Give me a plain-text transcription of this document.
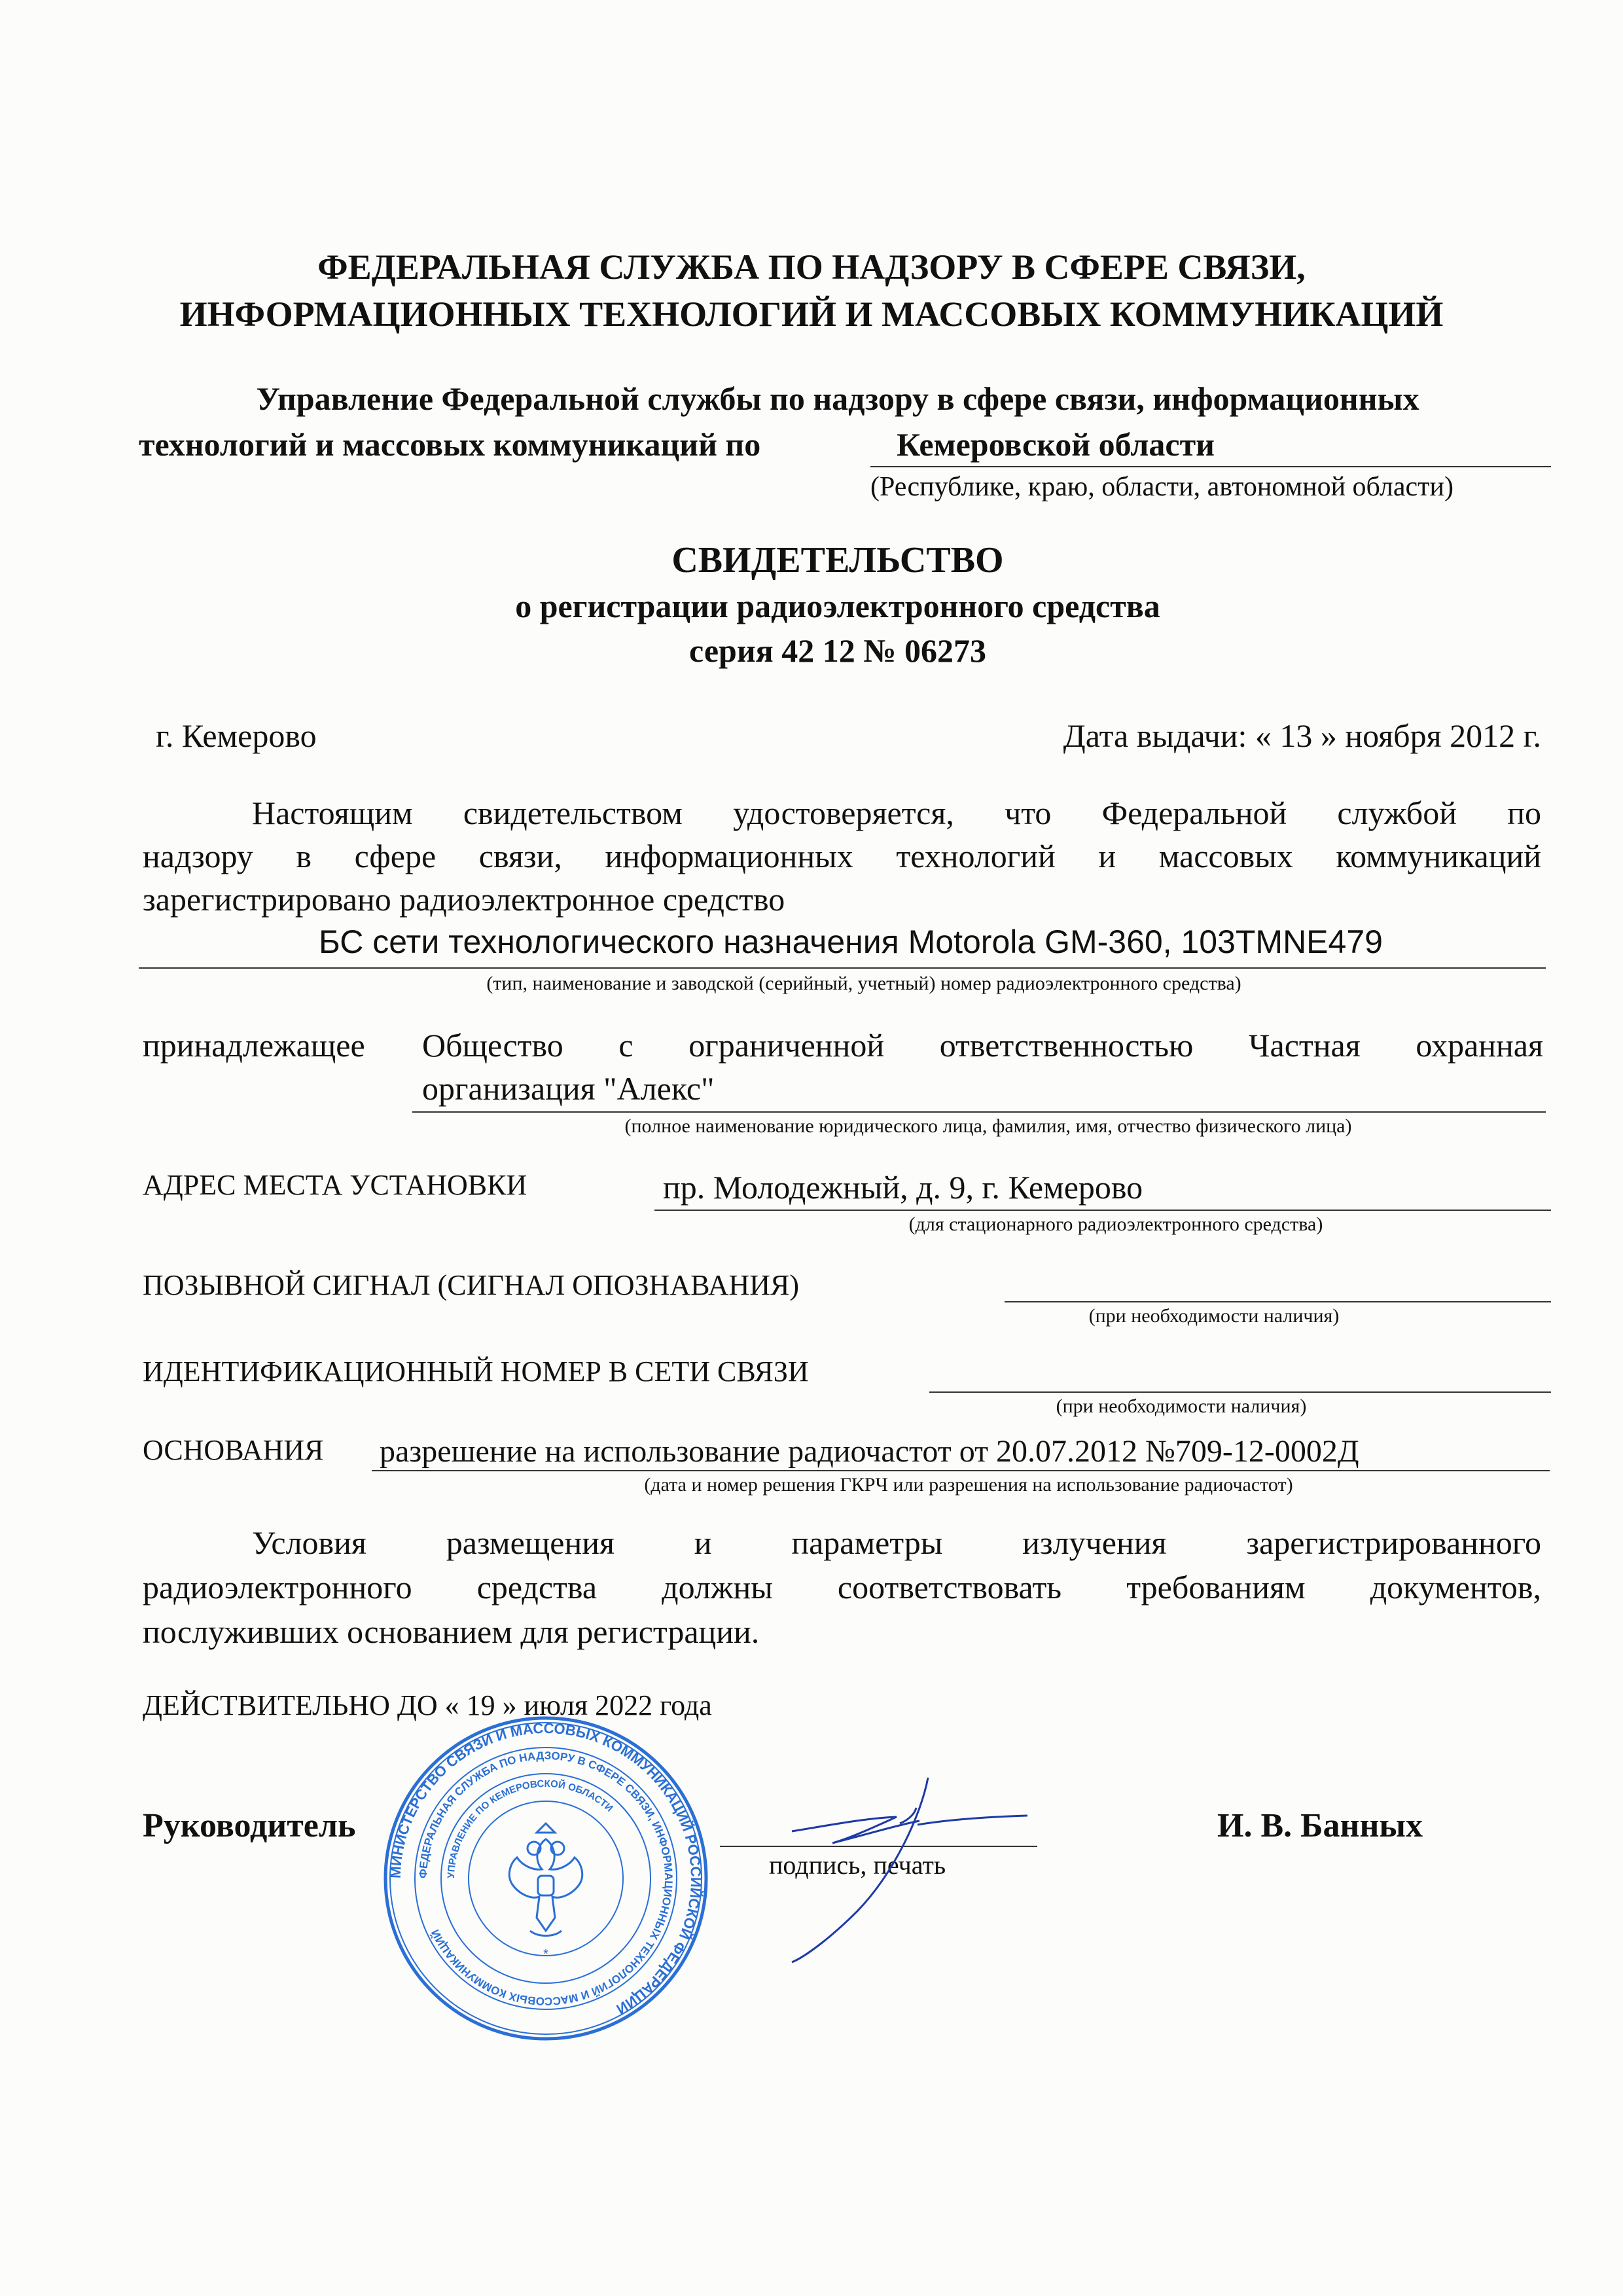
ФЕДЕРАЛЬНАЯ СЛУЖБА ПО НАДЗОРУ В СФЕРЕ СВЯЗИ,
ИНФОРМАЦИОННЫХ ТЕХНОЛОГИЙ И МАССОВЫХ КОММУНИКАЦИЙ
Управление Федеральной службы по надзору в сфере связи, информационных
технологий и массовых коммуникаций по	Кемеровской области
(Республике, краю, области, автономной области)
СВИДЕТЕЛЬСТВО
о регистрации радиоэлектронного средства
серия 42 12 № 06273
г. Кемерово	Дата выдачи: « 13 » ноября 2012 г.
Настоящим свидетельством удостоверяется, что Федеральной службой по
надзору в сфере связи, информационных технологий и массовых коммуникаций
зарегистрировано радиоэлектронное средство
БС сети технологического назначения Motorola GM-360, 103TMNE479
(тип, наименование и заводской (серийный, учетный) номер радиоэлектронного средства)
принадлежащее Общество с ограниченной ответственностью Частная охранная
организация "Алекс"
(полное наименование юридического лица, фамилия, имя, отчество физического лица)
АДРЕС МЕСТА УСТАНОВКИ	пр. Молодежный, д. 9, г. Кемерово
(для стационарного радиоэлектронного средства)
ПОЗЫВНОЙ СИГНАЛ (СИГНАЛ ОПОЗНАВАНИЯ)
(при необходимости наличия)
ИДЕНТИФИКАЦИОННЫЙ НОМЕР В СЕТИ СВЯЗИ
(при необходимости наличия)
ОСНОВАНИЯ разрешение на использование радиочастот от 20.07.2012 №709-12-0002Д
(дата и номер решения ГКРЧ или разрешения на использование радиочастот)
Условия размещения и параметры излучения зарегистрированного
радиоэлектронного средства должны соответствовать требованиям документов,
послуживших основанием для регистрации.
ДЕЙСТВИТЕЛЬНО ДО « 19 » июля 2022 года
Руководитель
подпись, печать
И. В. Банных
МИНИСТЕРСТВО СВЯЗИ И МАССОВЫХ КОММУНИКАЦИЙ РОССИЙСКОЙ ФЕДЕРАЦИИ
ФЕДЕРАЛЬНАЯ СЛУЖБА ПО НАДЗОРУ В СФЕРЕ СВЯЗИ, ИНФОРМАЦИОННЫХ ТЕХНОЛОГИЙ И МАССОВЫХ КОММУНИКАЦИЙ
УПРАВЛЕНИЕ ПО КЕМЕРОВСКОЙ ОБЛАСТИ
*
